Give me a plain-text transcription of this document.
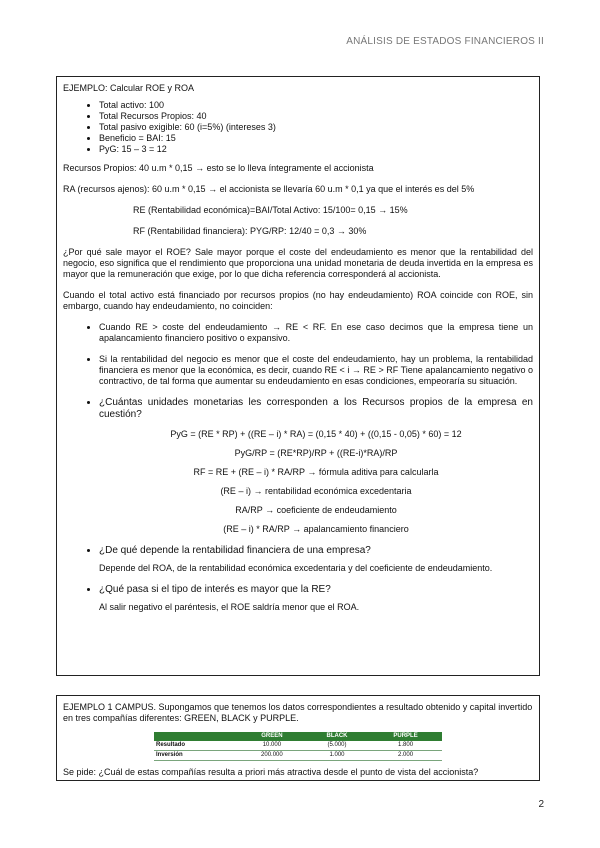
ANÁLISIS DE ESTADOS FINANCIEROS II

EJEMPLO: Calcular ROE y ROA

• Total activo: 100
• Total Recursos Propios: 40
• Total pasivo exigible: 60 (i=5%) (intereses 3)
• Beneficio = BAI: 15
• PyG: 15 – 3 = 12

Recursos Propios: 40 u.m * 0,15 → esto se lo lleva íntegramente el accionista

RA (recursos ajenos): 60 u.m * 0,15 → el accionista se llevaría 60 u.m * 0,1 ya que el interés es del 5%

RE (Rentabilidad económica)=BAI/Total Activo: 15/100= 0,15 → 15%

RF (Rentabilidad financiera): PYG/RP: 12/40 = 0,3 → 30%

¿Por qué sale mayor el ROE? Sale mayor porque el coste del endeudamiento es menor que la rentabilidad del negocio, eso significa que el rendimiento que proporciona una unidad monetaria de deuda invertida en la empresa es mayor que la remuneración que exige, por lo que dicha referencia corresponderá al accionista.

Cuando el total activo está financiado por recursos propios (no hay endeudamiento) ROA coincide con ROE, sin embargo, cuando hay endeudamiento, no coinciden:

• Cuando RE > coste del endeudamiento → RE < RF. En ese caso decimos que la empresa tiene un apalancamiento financiero positivo o expansivo.
• Si la rentabilidad del negocio es menor que el coste del endeudamiento, hay un problema, la rentabilidad financiera es menor que la económica, es decir, cuando RE < i → RE > RF Tiene apalancamiento negativo o contractivo, de tal forma que aumentar su endeudamiento en esas condiciones, empeoraría su situación.
• ¿Cuántas unidades monetarias les corresponden a los Recursos propios de la empresa en cuestión?

PyG = (RE * RP) + ((RE – i) * RA) = (0,15 * 40) + ((0,15 - 0,05) * 60) = 12

PyG/RP = (RE*RP)/RP + ((RE-i)*RA)/RP

RF = RE + (RE – i) * RA/RP → fórmula aditiva para calcularla

(RE – i) → rentabilidad económica excedentaria

RA/RP → coeficiente de endeudamiento

(RE – i) * RA/RP → apalancamiento financiero

• ¿De qué depende la rentabilidad financiera de una empresa?

Depende del ROA, de la rentabilidad económica excedentaria y del coeficiente de endeudamiento.

• ¿Qué pasa si el tipo de interés es mayor que la RE?

Al salir negativo el paréntesis, el ROE saldría menor que el ROA.

EJEMPLO 1 CAMPUS. Supongamos que tenemos los datos correspondientes a resultado obtenido y capital invertido en tres compañías diferentes: GREEN, BLACK y PURPLE.

	GREEN	BLACK	PURPLE
Resultado	10.000	(5.000)	1.800
Inversión	200.000	1.000	2.000

Se pide: ¿Cuál de estas compañías resulta a priori más atractiva desde el punto de vista del accionista?

2
